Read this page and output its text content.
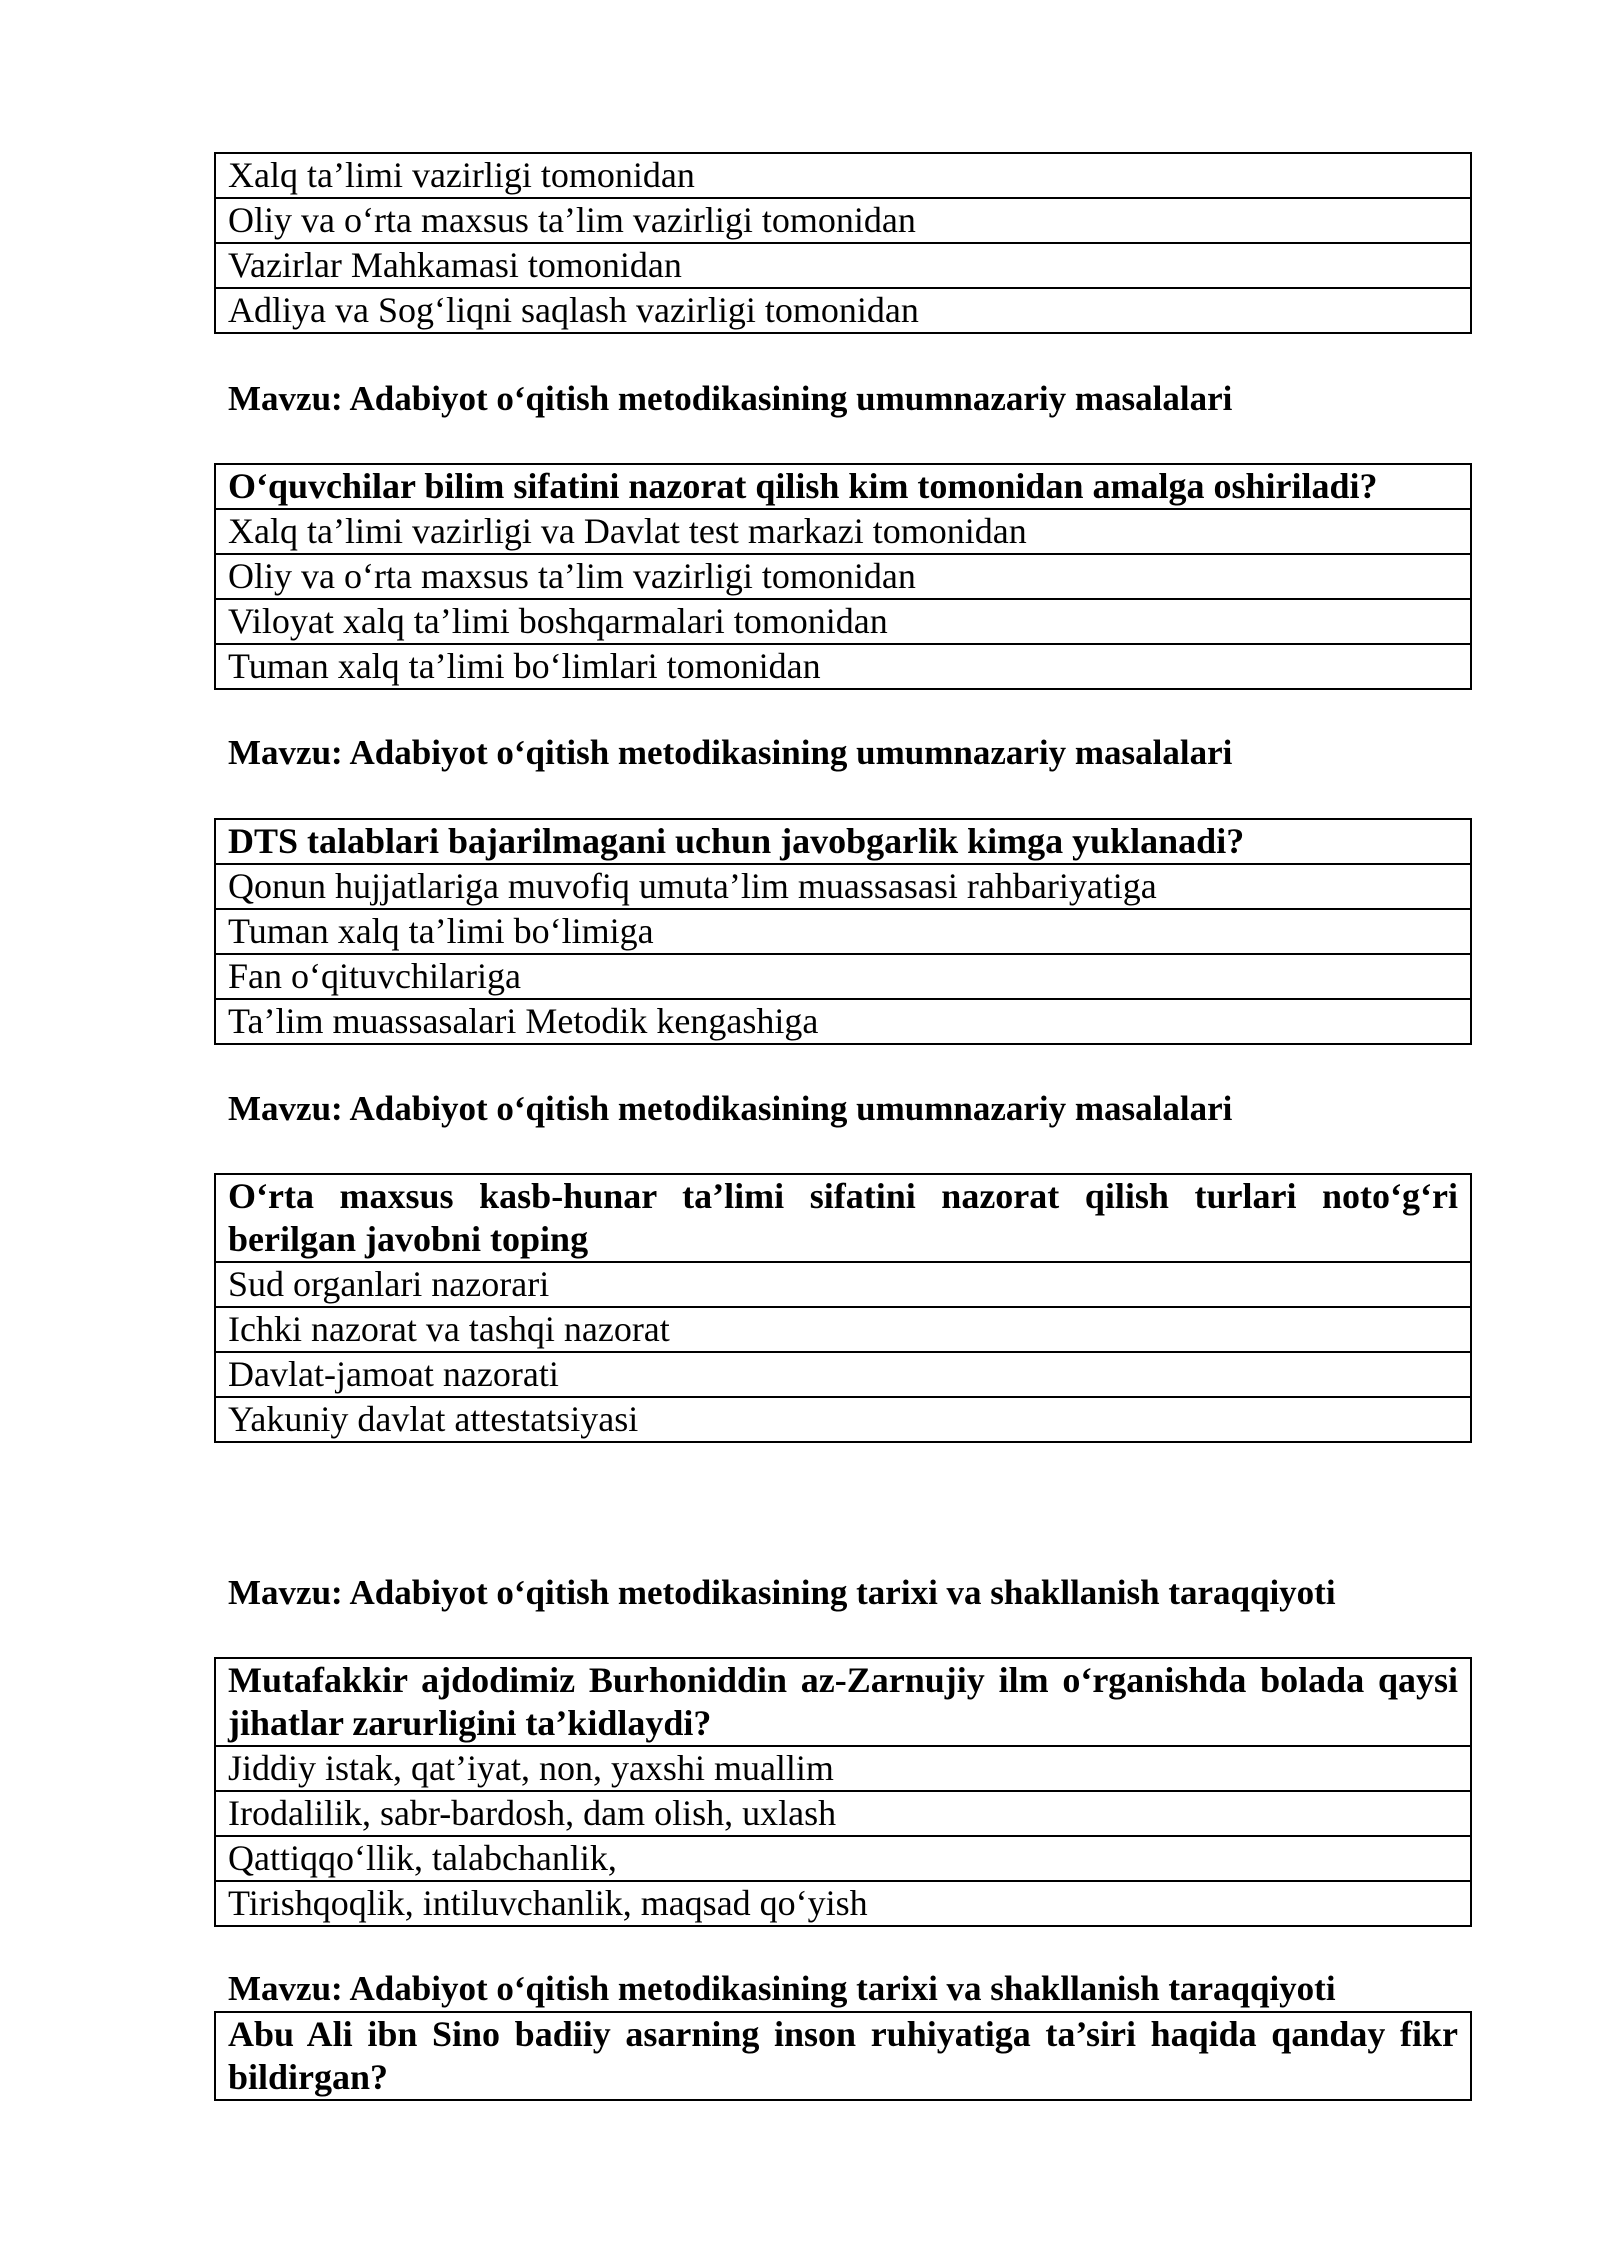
Xalq ta’limi vazirligi tomonidan
Oliy va o‘rta maxsus ta’lim vazirligi tomonidan
Vazirlar Mahkamasi tomonidan
Adliya va Sog‘liqni saqlash vazirligi tomonidan
Mavzu: Adabiyot o‘qitish metodikasining umumnazariy masalalari
O‘quvchilar bilim sifatini nazorat qilish kim tomonidan amalga oshiriladi?
Xalq ta’limi vazirligi va Davlat test markazi tomonidan
Oliy va o‘rta maxsus ta’lim vazirligi tomonidan
Viloyat xalq ta’limi boshqarmalari tomonidan
Tuman xalq ta’limi bo‘limlari tomonidan
Mavzu: Adabiyot o‘qitish metodikasining umumnazariy masalalari
DTS talablari bajarilmagani uchun javobgarlik kimga yuklanadi?
Qonun hujjatlariga muvofiq umuta’lim muassasasi rahbariyatiga
Tuman xalq ta’limi bo‘limiga
Fan o‘qituvchilariga
Ta’lim muassasalari Metodik kengashiga
Mavzu: Adabiyot o‘qitish metodikasining umumnazariy masalalari
O‘rta maxsus kasb-hunar ta’limi sifatini nazorat qilish turlari noto‘g‘ri berilgan javobni toping
Sud organlari nazorari
Ichki nazorat va tashqi nazorat
Davlat-jamoat nazorati
Yakuniy davlat attestatsiyasi
Mavzu: Adabiyot o‘qitish metodikasining tarixi va shakllanish taraqqiyoti
Mutafakkir ajdodimiz Burhoniddin az-Zarnujiy ilm o‘rganishda bolada qaysi jihatlar zarurligini ta’kidlaydi?
Jiddiy istak, qat’iyat, non, yaxshi muallim
Irodalilik, sabr-bardosh, dam olish, uxlash
Qattiqqo‘llik, talabchanlik,
Tirishqoqlik, intiluvchanlik, maqsad qo‘yish
Mavzu: Adabiyot o‘qitish metodikasining tarixi va shakllanish taraqqiyoti
Abu Ali ibn Sino badiiy asarning inson ruhiyatiga ta’siri haqida qanday fikr bildirgan?
